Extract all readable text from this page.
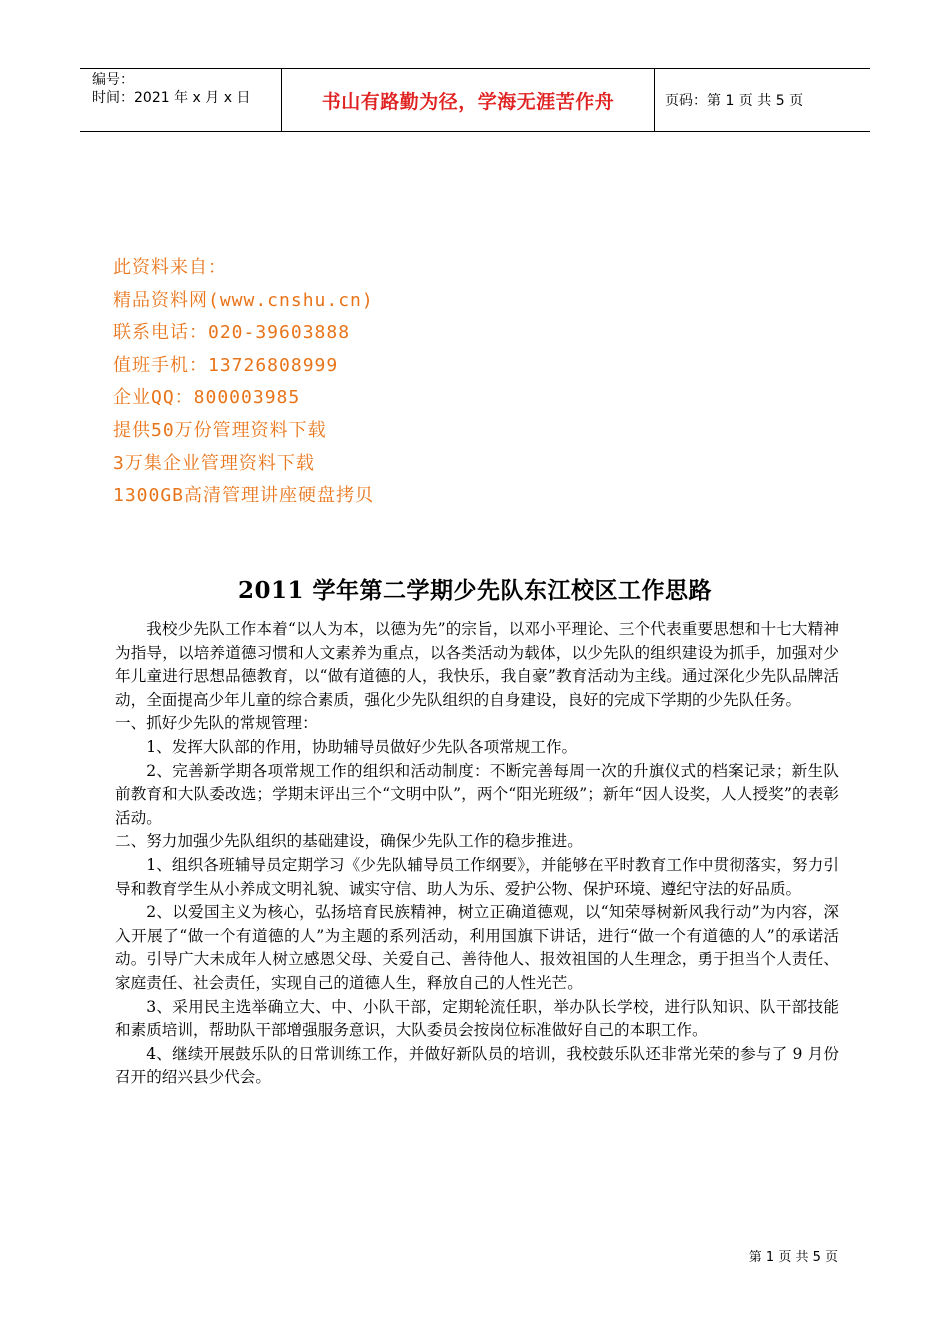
编号：
时间：2021 年 x 月 x 日	书山有路勤为径，学海无涯苦作舟	页码：第 1 页 共 5 页
此资料来自：
精品资料网(www.cnshu.cn)
联系电话：020-39603888
值班手机：13726808999
企业QQ：800003985
提供50万份管理资料下载
3万集企业管理资料下载
1300GB高清管理讲座硬盘拷贝
2011 学年第二学期少先队东江校区工作思路

我校少先队工作本着“以人为本，以德为先”的宗旨，以邓小平理论、三个代表重要思想和十七大精神为指导，以培养道德习惯和人文素养为重点，以各类活动为载体，以少先队的组织建设为抓手，加强对少年儿童进行思想品德教育，以“做有道德的人，我快乐，我自豪”教育活动为主线。通过深化少先队品牌活动，全面提高少年儿童的综合素质，强化少先队组织的自身建设，良好的完成下学期的少先队任务。

一、抓好少先队的常规管理：

1、发挥大队部的作用，协助辅导员做好少先队各项常规工作。

2、完善新学期各项常规工作的组织和活动制度：不断完善每周一次的升旗仪式的档案记录；新生队前教育和大队委改选；学期末评出三个“文明中队”，两个“阳光班级”；新年“因人设奖，人人授奖”的表彰活动。

二、努力加强少先队组织的基础建设，确保少先队工作的稳步推进。

1、组织各班辅导员定期学习《少先队辅导员工作纲要》，并能够在平时教育工作中贯彻落实，努力引导和教育学生从小养成文明礼貌、诚实守信、助人为乐、爱护公物、保护环境、遵纪守法的好品质。

2、以爱国主义为核心，弘扬培育民族精神，树立正确道德观，以“知荣辱树新风我行动”为内容，深入开展了“做一个有道德的人”为主题的系列活动，利用国旗下讲话，进行“做一个有道德的人”的承诺活动。引导广大未成年人树立感恩父母、关爱自己、善待他人、报效祖国的人生理念，勇于担当个人责任、家庭责任、社会责任，实现自己的道德人生，释放自己的人性光芒。

3、采用民主选举确立大、中、小队干部，定期轮流任职，举办队长学校，进行队知识、队干部技能和素质培训，帮助队干部增强服务意识，大队委员会按岗位标准做好自己的本职工作。

4、继续开展鼓乐队的日常训练工作，并做好新队员的培训，我校鼓乐队还非常光荣的参与了 9 月份召开的绍兴县少代会。

第 1 页 共 5 页
